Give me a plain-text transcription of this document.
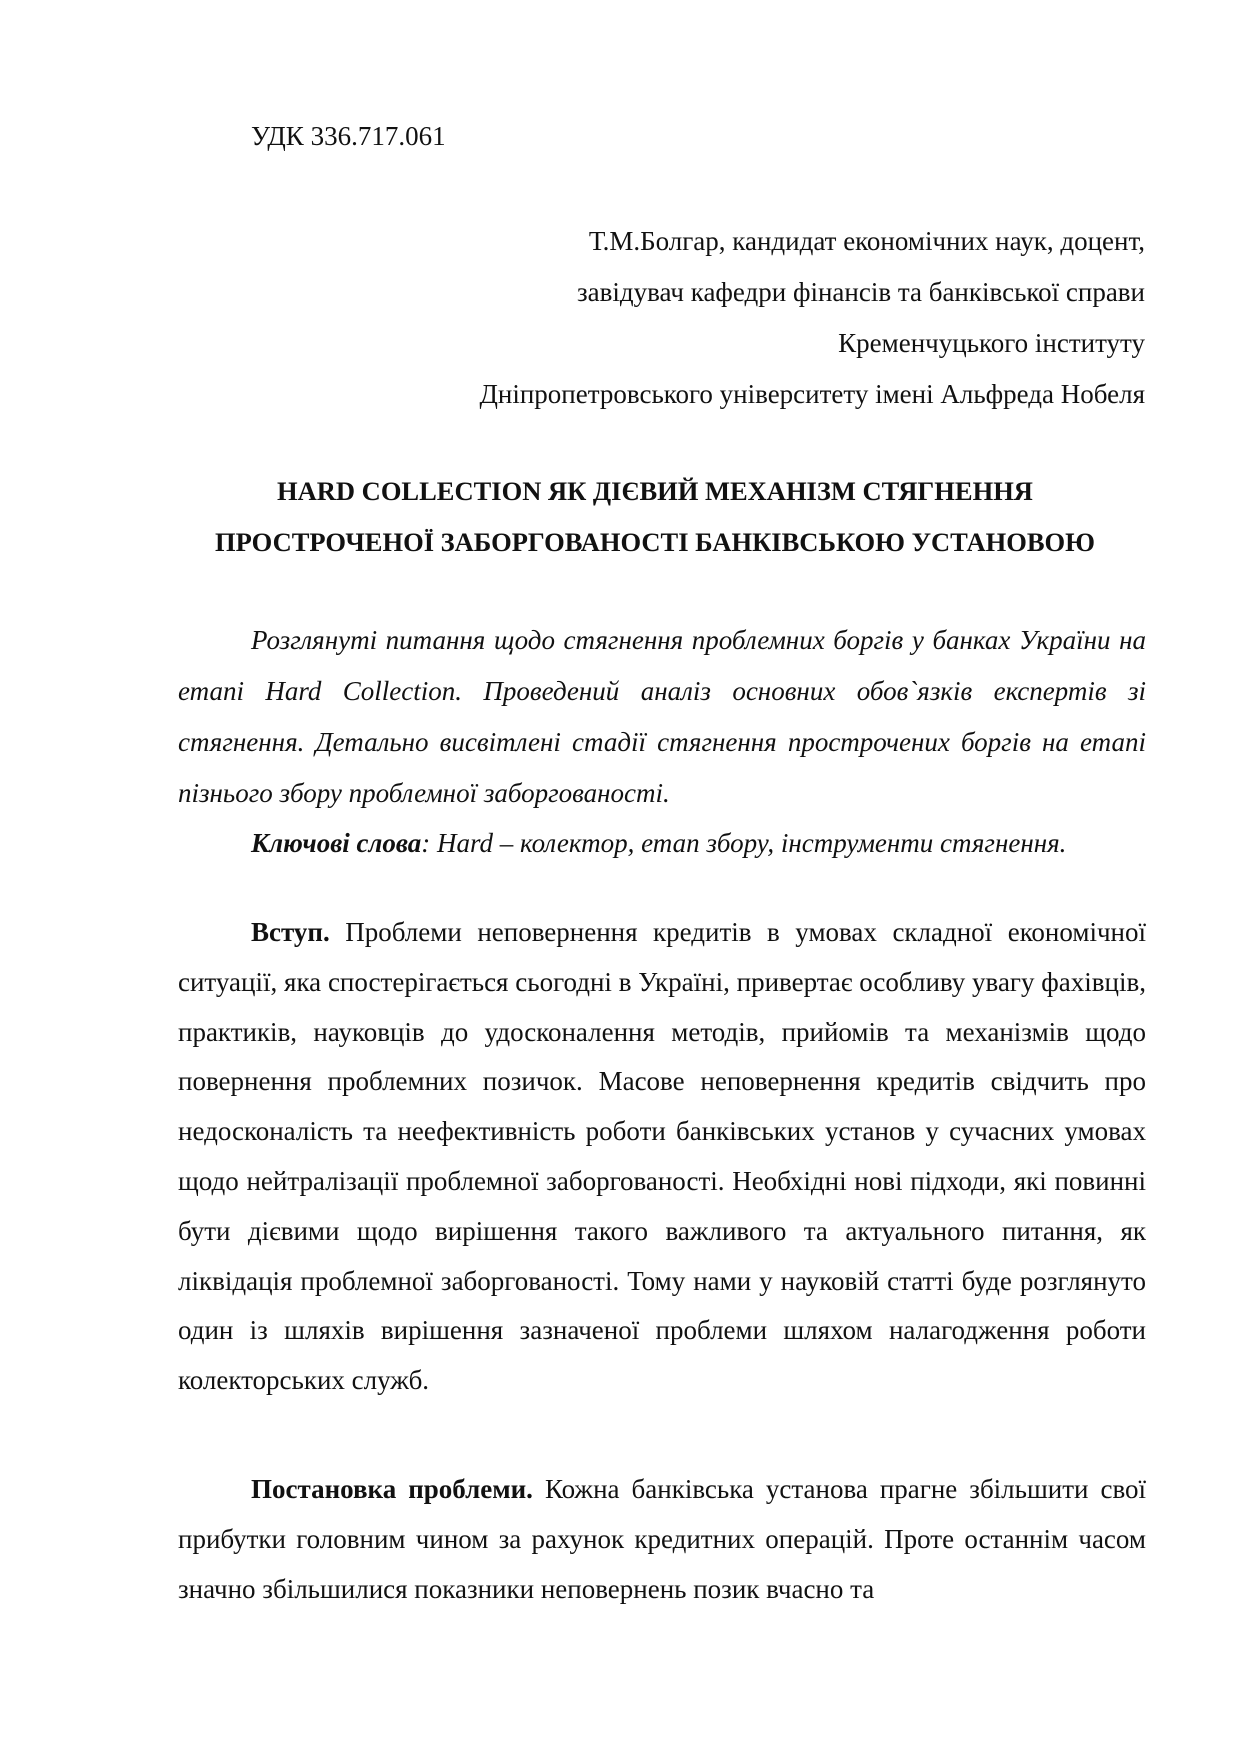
УДК 336.717.061
Т.М.Болгар, кандидат економічних наук, доцент,
завідувач кафедри фінансів та банківської справи
Кременчуцького інституту
Дніпропетровського університету імені Альфреда Нобеля
HARD COLLECTION ЯК ДІЄВИЙ МЕХАНІЗМ СТЯГНЕННЯ
ПРОСТРОЧЕНОЇ ЗАБОРГОВАНОСТІ БАНКІВСЬКОЮ УСТАНОВОЮ

Розглянуті питання щодо стягнення проблемних боргів у банках України на етапі Hard Collection. Проведений аналіз основних обов`язків експертів зі стягнення. Детально висвітлені стадії стягнення прострочених боргів на етапі пізнього збору проблемної заборгованості.

Ключові слова: Hard – колектор, етап збору, інструменти стягнення.

Вступ. Проблеми неповернення кредитів в умовах складної економічної ситуації, яка спостерігається сьогодні в Україні, привертає особливу увагу фахівців, практиків, науковців до удосконалення методів, прийомів та механізмів щодо повернення проблемних позичок. Масове неповернення кредитів свідчить про недосконалість та неефективність роботи банківських установ у сучасних умовах щодо нейтралізації проблемної заборгованості. Необхідні нові підходи, які повинні бути дієвими щодо вирішення такого важливого та актуального питання, як ліквідація проблемної заборгованості. Тому нами у науковій статті буде розглянуто один із шляхів вирішення зазначеної проблеми шляхом налагодження роботи колекторських служб.

Постановка проблеми. Кожна банківська установа прагне збільшити свої прибутки головним чином за рахунок кредитних операцій. Проте останнім часом значно збільшилися показники неповернень позик вчасно та
